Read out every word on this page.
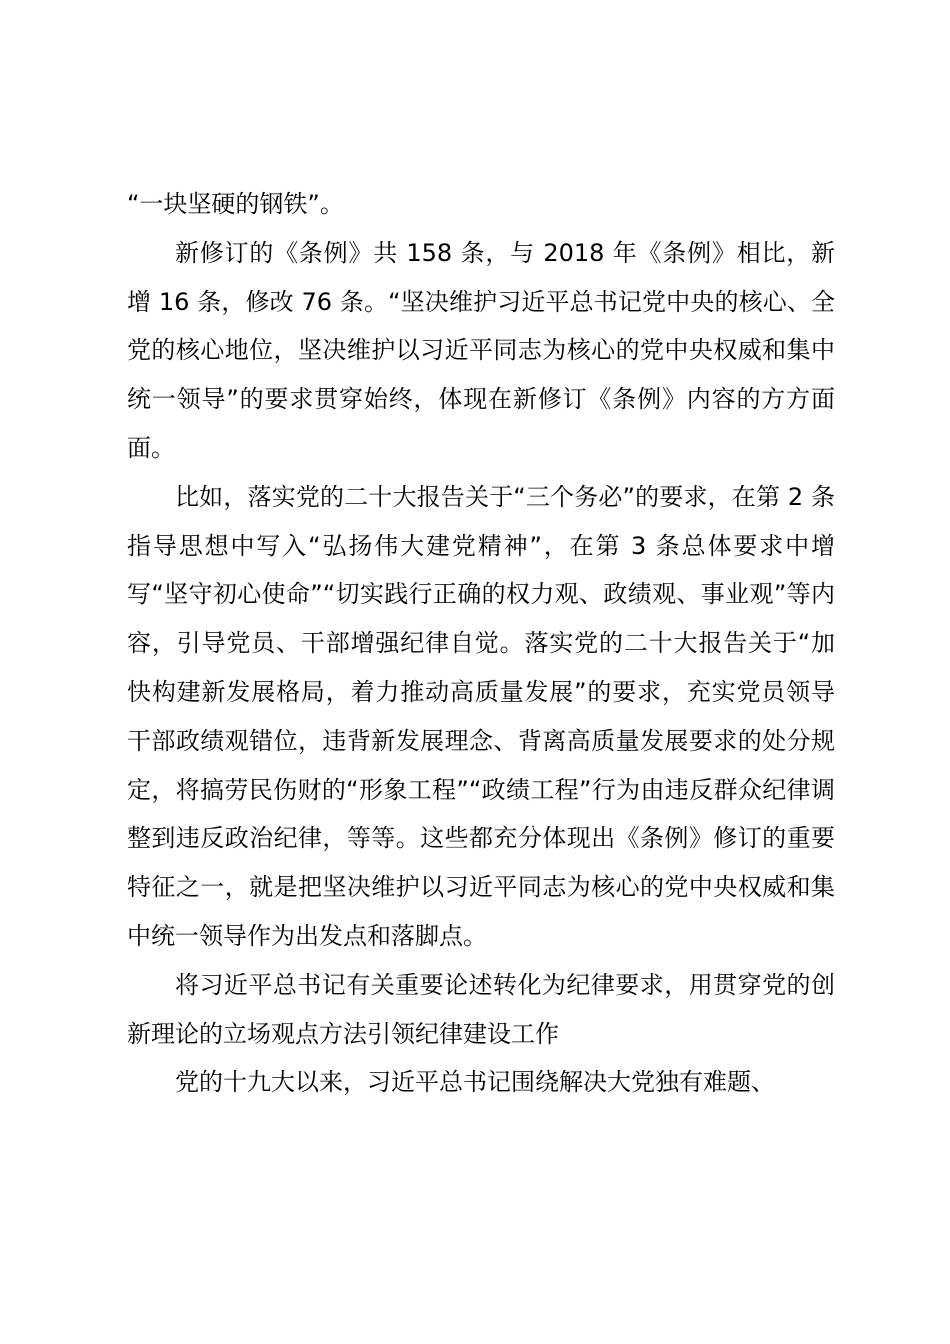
“一块坚硬的钢铁”。

新修订的《条例》共 158 条，与 2018 年《条例》相比，新增 16 条，修改 76 条。“坚决维护习近平总书记党中央的核心、全党的核心地位，坚决维护以习近平同志为核心的党中央权威和集中统一领导”的要求贯穿始终，体现在新修订《条例》内容的方方面面。

比如，落实党的二十大报告关于“三个务必”的要求，在第 2 条指导思想中写入“弘扬伟大建党精神”，在第 3 条总体要求中增写“坚守初心使命”“切实践行正确的权力观、政绩观、事业观”等内容，引导党员、干部增强纪律自觉。落实党的二十大报告关于“加快构建新发展格局，着力推动高质量发展”的要求，充实党员领导干部政绩观错位，违背新发展理念、背离高质量发展要求的处分规定，将搞劳民伤财的“形象工程”“政绩工程”行为由违反群众纪律调整到违反政治纪律，等等。这些都充分体现出《条例》修订的重要特征之一，就是把坚决维护以习近平同志为核心的党中央权威和集中统一领导作为出发点和落脚点。

将习近平总书记有关重要论述转化为纪律要求，用贯穿党的创新理论的立场观点方法引领纪律建设工作

党的十九大以来，习近平总书记围绕解决大党独有难题、
